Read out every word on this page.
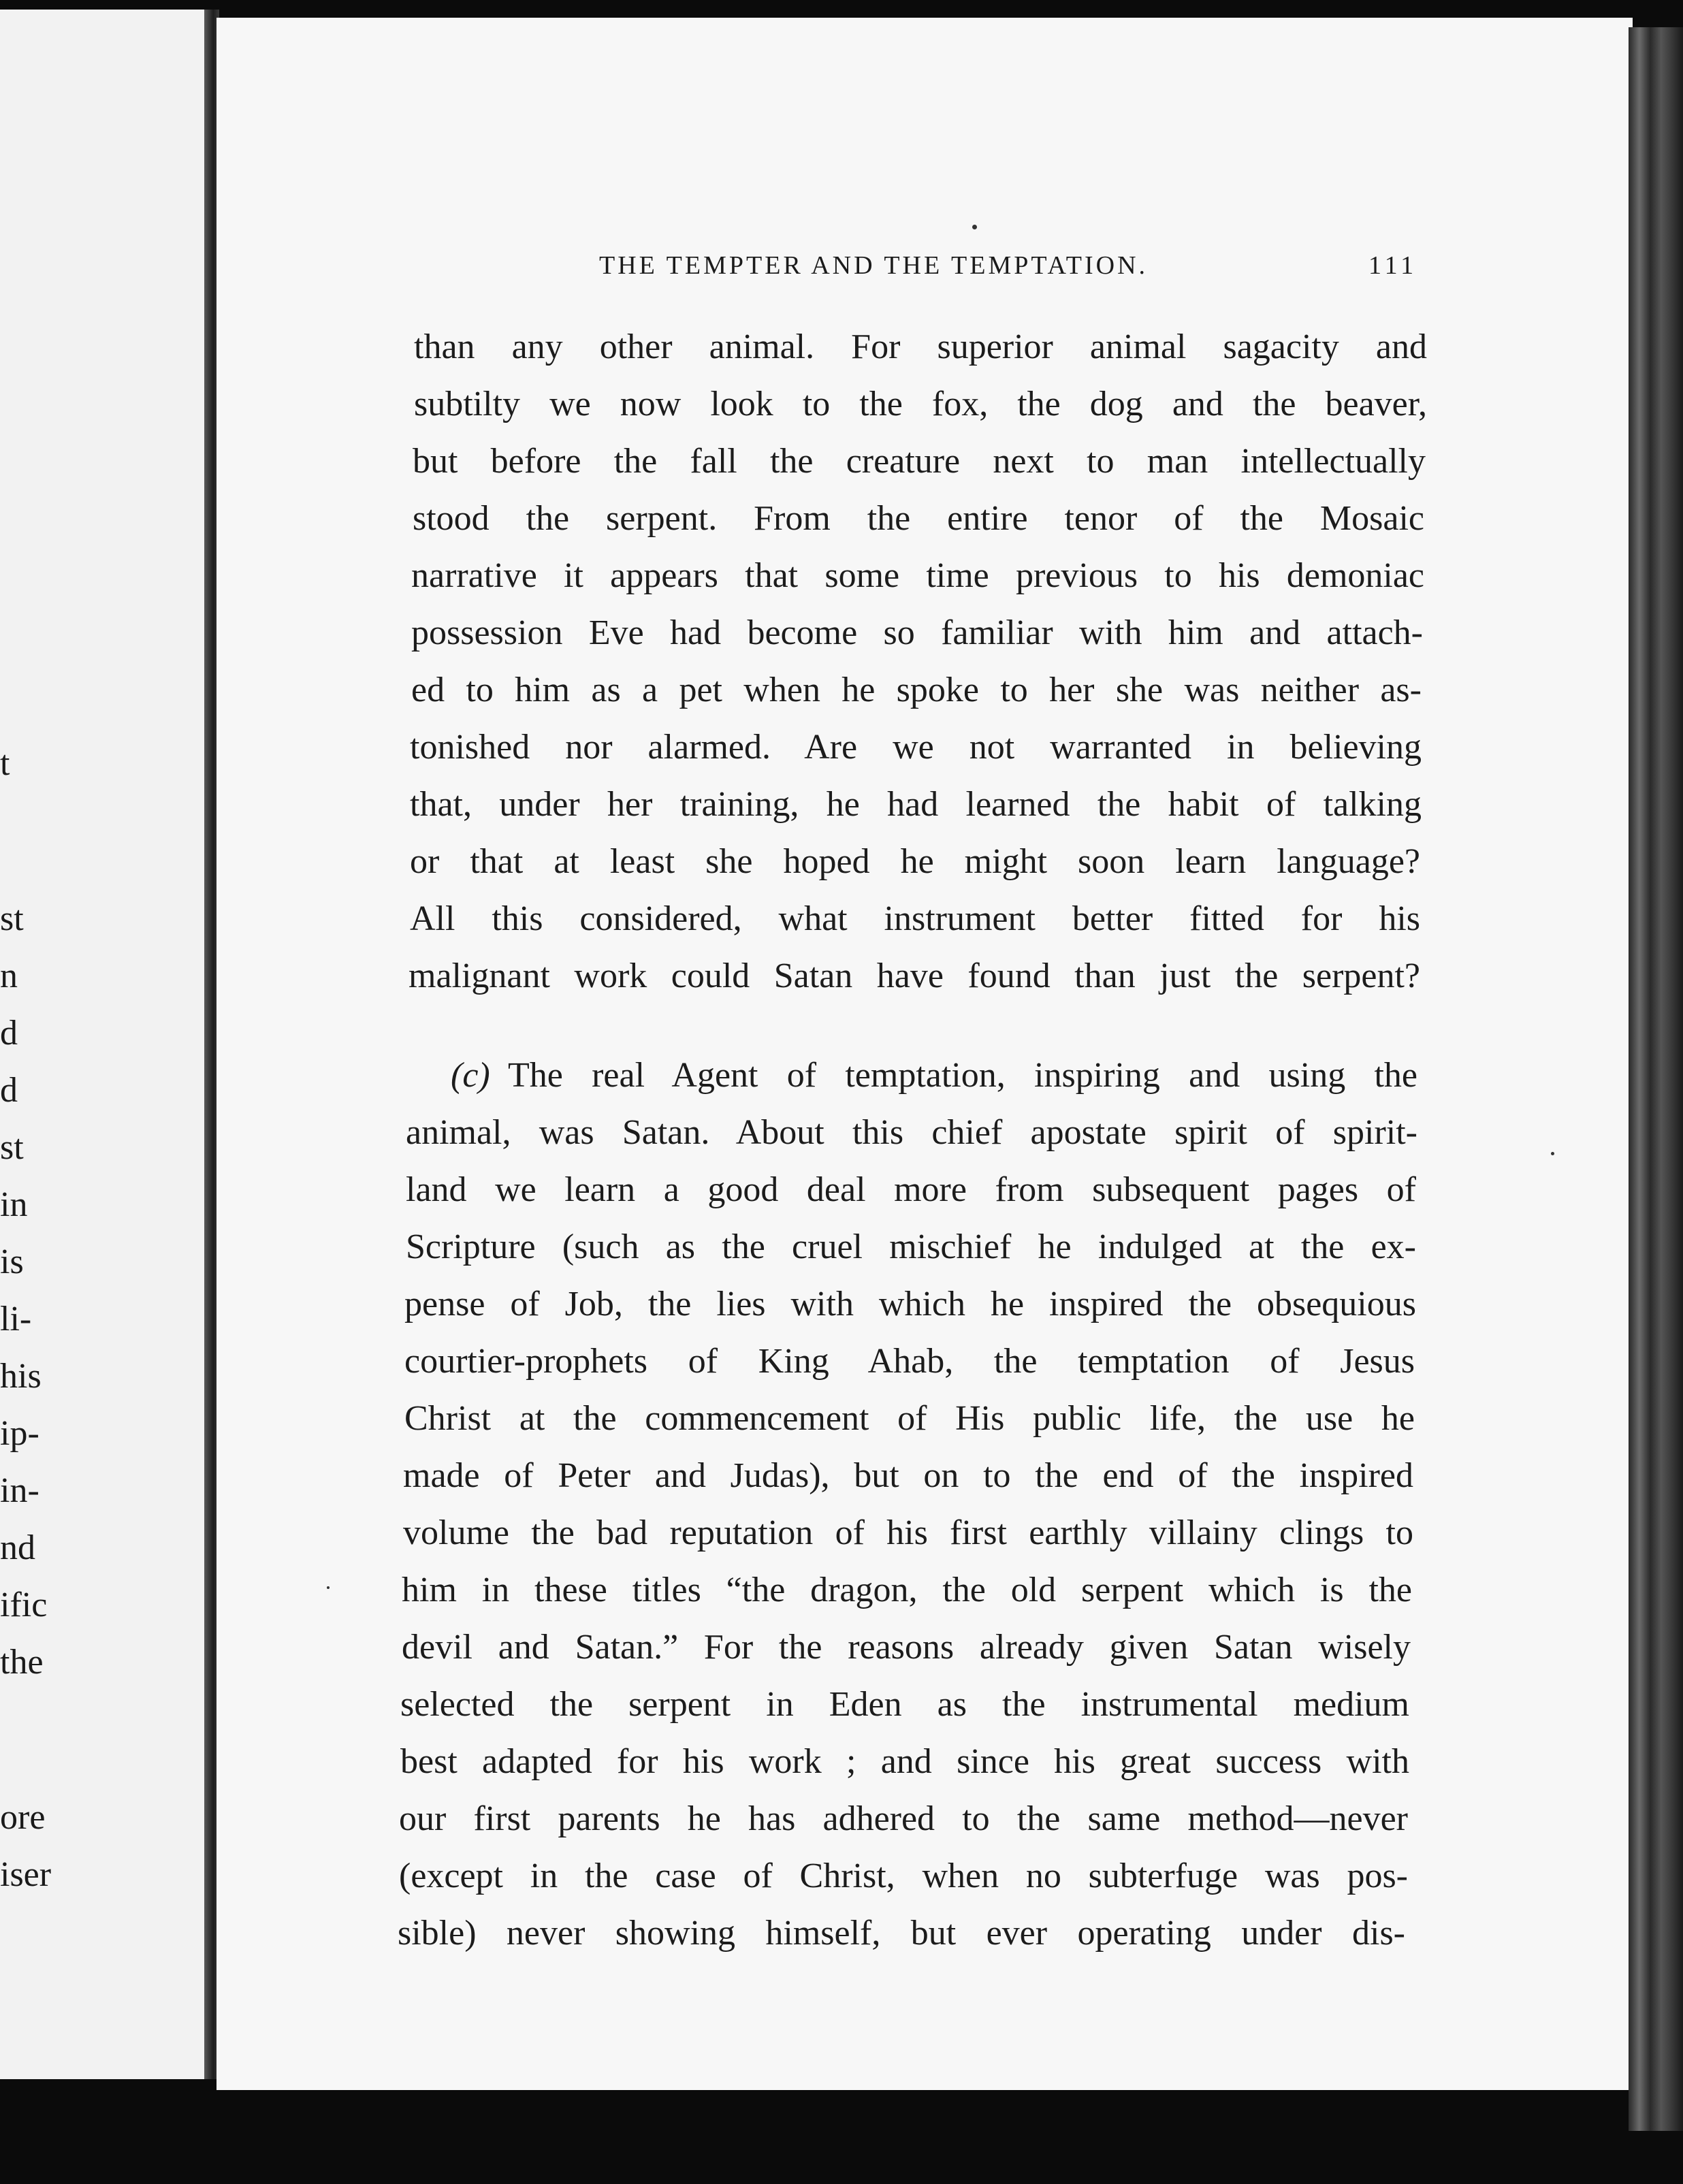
t
st
n
d
d
st
in
is
li-
his
ip-
in-
nd
ific
the
ore
iser
THE TEMPTER AND THE TEMPTATION.	111
than any other animal. For superior animal sagacity and
subtilty we now look to the fox, the dog and the beaver,
but before the fall the creature next to man intellectually
stood the serpent. From the entire tenor of the Mosaic
narrative it appears that some time previous to his demoniac
possession Eve had become so familiar with him and attach-
ed to him as a pet when he spoke to her she was neither as-
tonished nor alarmed. Are we not warranted in believing
that, under her training, he had learned the habit of talking
or that at least she hoped he might soon learn language?
All this considered, what instrument better fitted for his
malignant work could Satan have found than just the serpent?
(c) The real Agent of temptation, inspiring and using the
animal, was Satan. About this chief apostate spirit of spirit-
land we learn a good deal more from subsequent pages of
Scripture (such as the cruel mischief he indulged at the ex-
pense of Job, the lies with which he inspired the obsequious
courtier-prophets of King Ahab, the temptation of Jesus
Christ at the commencement of His public life, the use he
made of Peter and Judas), but on to the end of the inspired
volume the bad reputation of his first earthly villainy clings to
him in these titles “the dragon, the old serpent which is the
devil and Satan.” For the reasons already given Satan wisely
selected the serpent in Eden as the instrumental medium
best adapted for his work ; and since his great success with
our first parents he has adhered to the same method—never
(except in the case of Christ, when no subterfuge was pos-
sible) never showing himself, but ever operating under dis-
